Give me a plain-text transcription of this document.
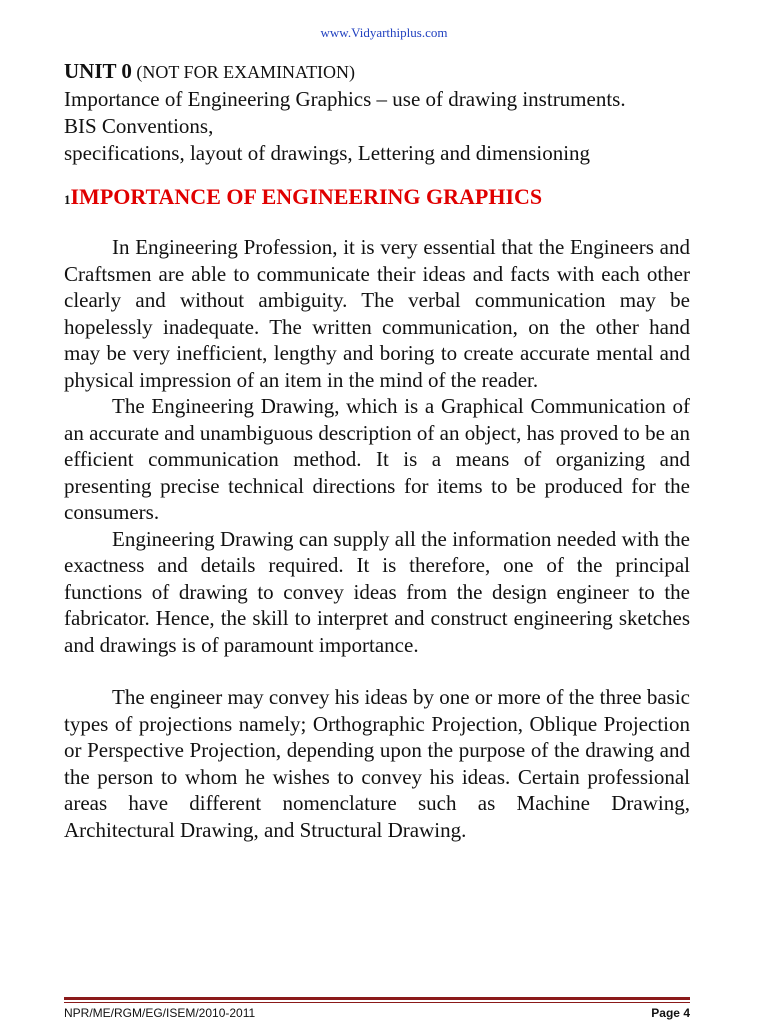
www.Vidyarthiplus.com

UNIT 0 (NOT FOR EXAMINATION)

Importance of Engineering Graphics – use of drawing instruments.

BIS Conventions,

specifications, layout of drawings, Lettering and dimensioning

1IMPORTANCE OF ENGINEERING GRAPHICS

In Engineering Profession, it is very essential that the Engineers and Craftsmen are able to communicate their ideas and facts with each other clearly and without ambiguity. The verbal communication may be hopelessly inadequate. The written communication, on the other hand may be very inefficient, lengthy and boring to create accurate mental and physical impression of an item in the mind of the reader.

The Engineering Drawing, which is a Graphical Communication of an accurate and unambiguous description of an object, has proved to be an efficient communication method. It is a means of organizing and presenting precise technical directions for items to be produced for the consumers.

Engineering Drawing can supply all the information needed with the exactness and details required. It is therefore, one of the principal functions of drawing to convey ideas from the design engineer to the fabricator. Hence, the skill to interpret and construct engineering sketches and drawings is of paramount importance.

The engineer may convey his ideas by one or more of the three basic types of projections namely; Orthographic Projection, Oblique Projection or Perspective Projection, depending upon the purpose of the drawing and the person to whom he wishes to convey his ideas. Certain professional areas have different nomenclature such as Machine Drawing, Architectural Drawing, and Structural Drawing.

NPR/ME/RGM/EG/ISEM/2010-2011	Page 4
